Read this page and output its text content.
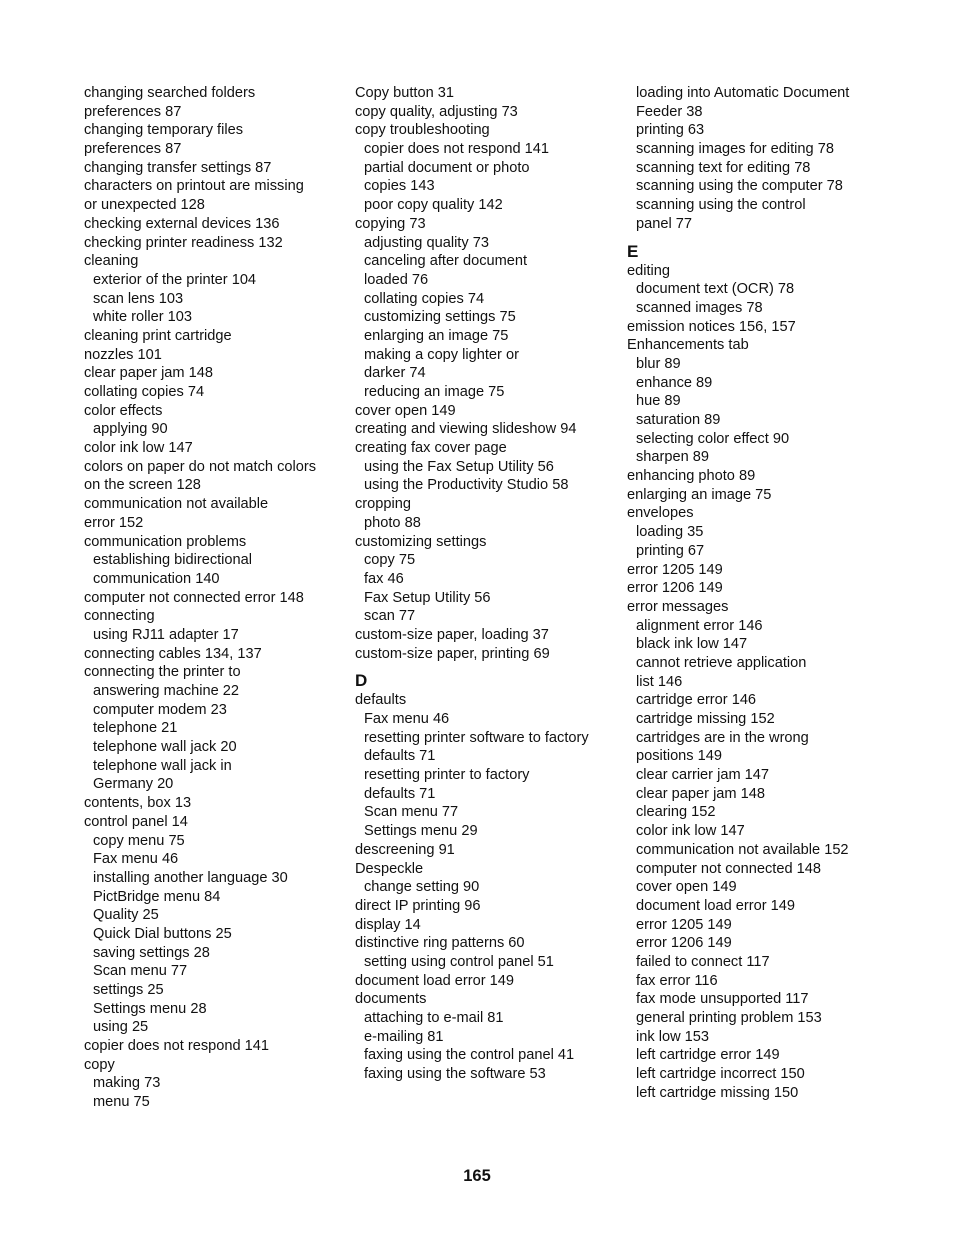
changing searched folders
preferences 87
changing temporary files
preferences 87
changing transfer settings 87
characters on printout are missing
or unexpected 128
checking external devices 136
checking printer readiness 132
cleaning
exterior of the printer 104
scan lens 103
white roller 103
cleaning print cartridge
nozzles 101
clear paper jam 148
collating copies 74
color effects
applying 90
color ink low 147
colors on paper do not match colors
on the screen 128
communication not available
error 152
communication problems
establishing bidirectional
communication 140
computer not connected error 148
connecting
using RJ11 adapter 17
connecting cables 134, 137
connecting the printer to
answering machine 22
computer modem 23
telephone 21
telephone wall jack 20
telephone wall jack in
Germany 20
contents, box 13
control panel 14
copy menu 75
Fax menu 46
installing another language 30
PictBridge menu 84
Quality 25
Quick Dial buttons 25
saving settings 28
Scan menu 77
settings 25
Settings menu 28
using 25
copier does not respond 141
copy
making 73
menu 75
Copy button 31
copy quality, adjusting 73
copy troubleshooting
copier does not respond 141
partial document or photo
copies 143
poor copy quality 142
copying 73
adjusting quality 73
canceling after document
loaded 76
collating copies 74
customizing settings 75
enlarging an image 75
making a copy lighter or
darker 74
reducing an image 75
cover open 149
creating and viewing slideshow 94
creating fax cover page
using the Fax Setup Utility 56
using the Productivity Studio 58
cropping
photo 88
customizing settings
copy 75
fax 46
Fax Setup Utility 56
scan 77
custom-size paper, loading 37
custom-size paper, printing 69
D
defaults
Fax menu 46
resetting printer software to factory
defaults 71
resetting printer to factory
defaults 71
Scan menu 77
Settings menu 29
descreening 91
Despeckle
change setting 90
direct IP printing 96
display 14
distinctive ring patterns 60
setting using control panel 51
document load error 149
documents
attaching to e-mail 81
e-mailing 81
faxing using the control panel 41
faxing using the software 53
loading into Automatic Document
Feeder 38
printing 63
scanning images for editing 78
scanning text for editing 78
scanning using the computer 78
scanning using the control
panel 77
E
editing
document text (OCR) 78
scanned images 78
emission notices 156, 157
Enhancements tab
blur 89
enhance 89
hue 89
saturation 89
selecting color effect 90
sharpen 89
enhancing photo 89
enlarging an image 75
envelopes
loading 35
printing 67
error 1205 149
error 1206 149
error messages
alignment error 146
black ink low 147
cannot retrieve application
list 146
cartridge error 146
cartridge missing 152
cartridges are in the wrong
positions 149
clear carrier jam 147
clear paper jam 148
clearing 152
color ink low 147
communication not available 152
computer not connected 148
cover open 149
document load error 149
error 1205 149
error 1206 149
failed to connect 117
fax error 116
fax mode unsupported 117
general printing problem 153
ink low 153
left cartridge error 149
left cartridge incorrect 150
left cartridge missing 150
165
